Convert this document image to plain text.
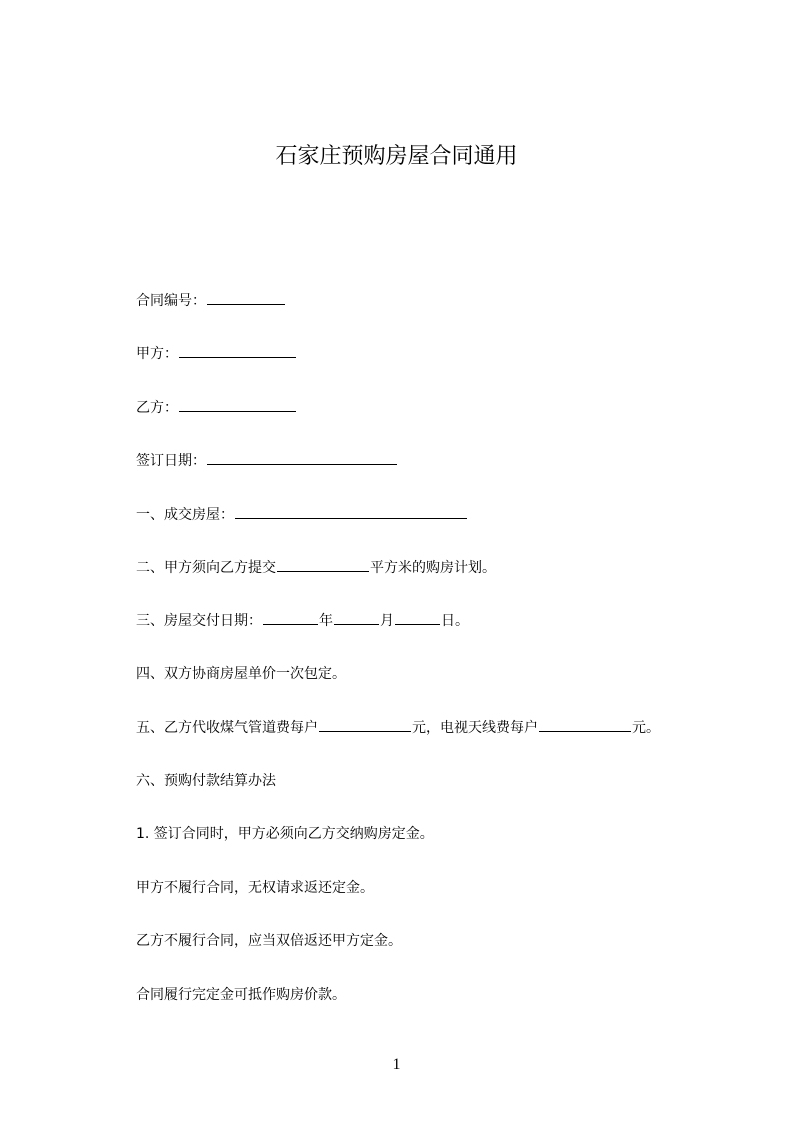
石家庄预购房屋合同通用
合同编号：
甲方：
乙方：
签订日期：
一、成交房屋：
二、甲方须向乙方提交	平方米的购房计划。
三、房屋交付日期：	年	月	日。
四、双方协商房屋单价一次包定。
五、乙方代收煤气管道费每户	元，电视天线费每户	元。
六、预购付款结算办法
1. 签订合同时，甲方必须向乙方交纳购房定金。
甲方不履行合同，无权请求返还定金。
乙方不履行合同，应当双倍返还甲方定金。
合同履行完定金可抵作购房价款。
1
